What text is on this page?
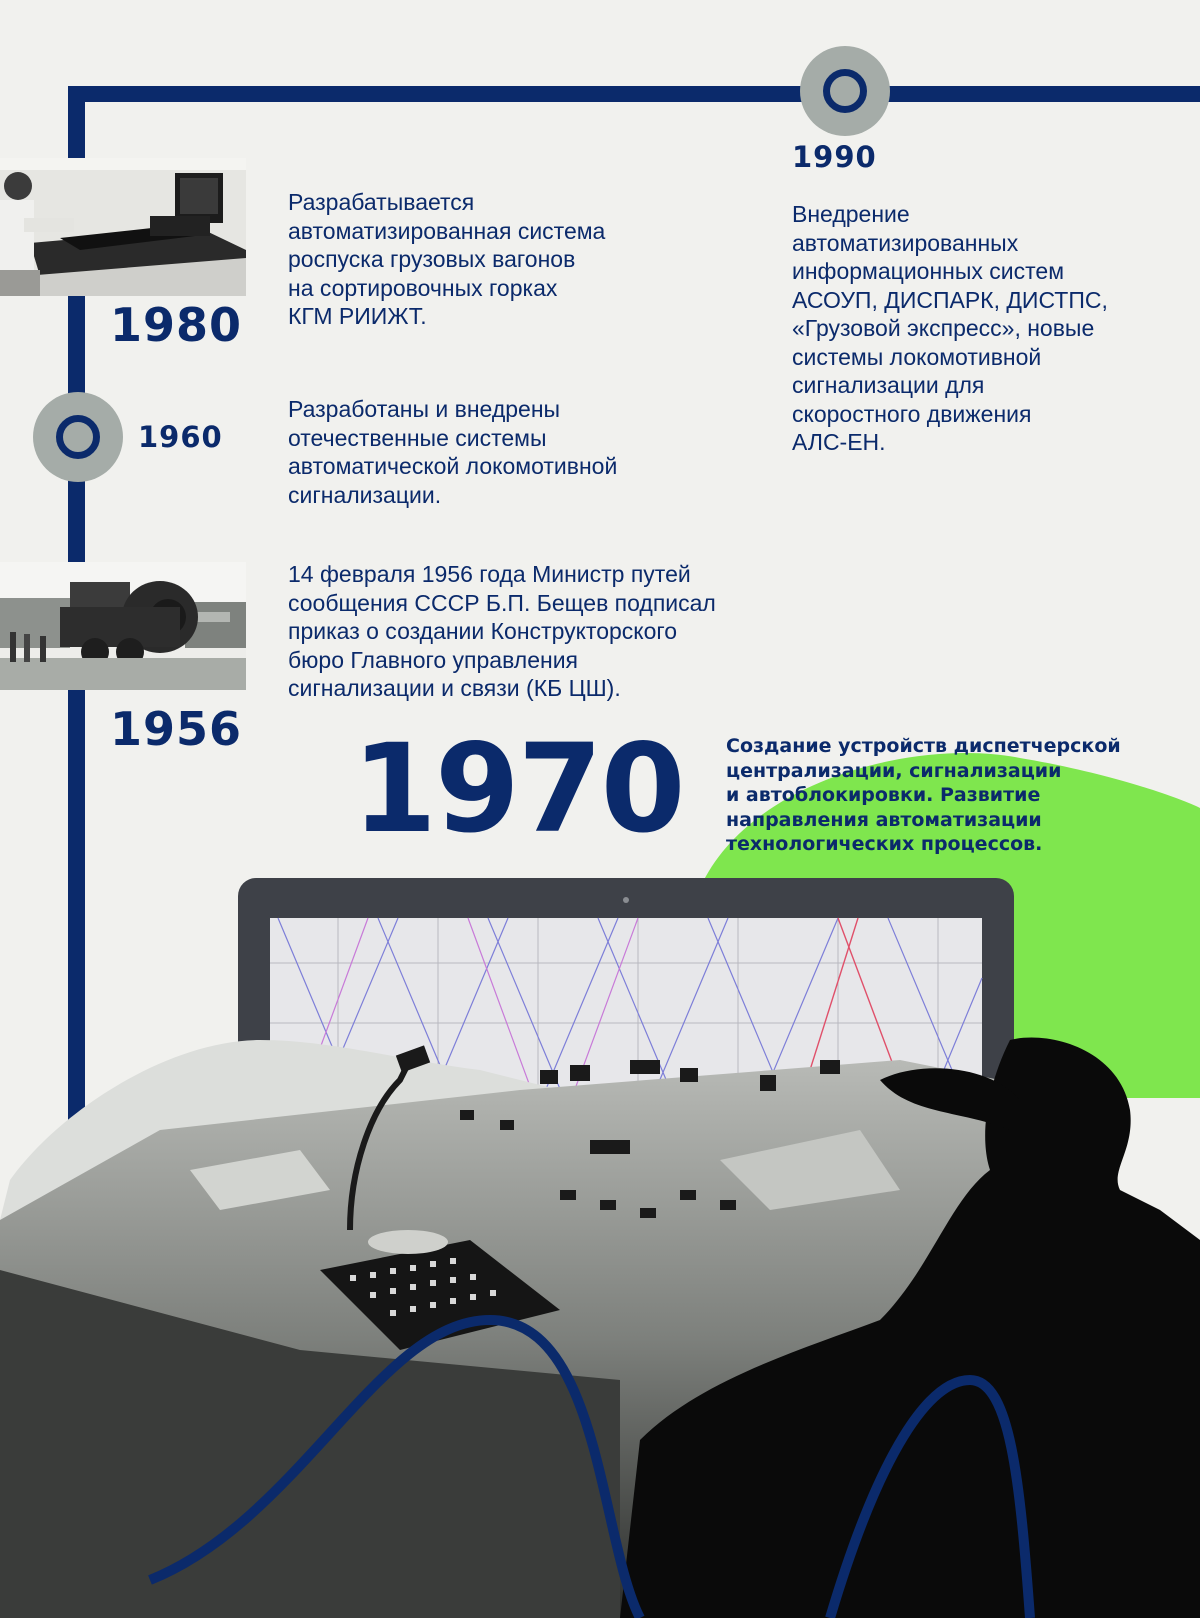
1990

Внедрение
автоматизированных
информационных систем
АСОУП, ДИСПАРК, ДИСТПС,
«Грузовой экспресс», новые
системы локомотивной
сигнализации для
скоростного движения
АЛС-ЕН.

1980

Разрабатывается
автоматизированная система
роспуска грузовых вагонов
на сортировочных горках
КГМ РИИЖТ.

1960

Разработаны и внедрены
отечественные системы
автоматической локомотивной
сигнализации.

1956

14 февраля 1956 года Министр путей
сообщения СССР Б.П. Бещев подписал
приказ о создании Конструкторского
бюро Главного управления
сигнализации и связи (КБ ЦШ).

1970 Создание устройств диспетчерской
централизации, сигнализации
и автоблокировки. Развитие
направления автоматизации
технологических процессов.
